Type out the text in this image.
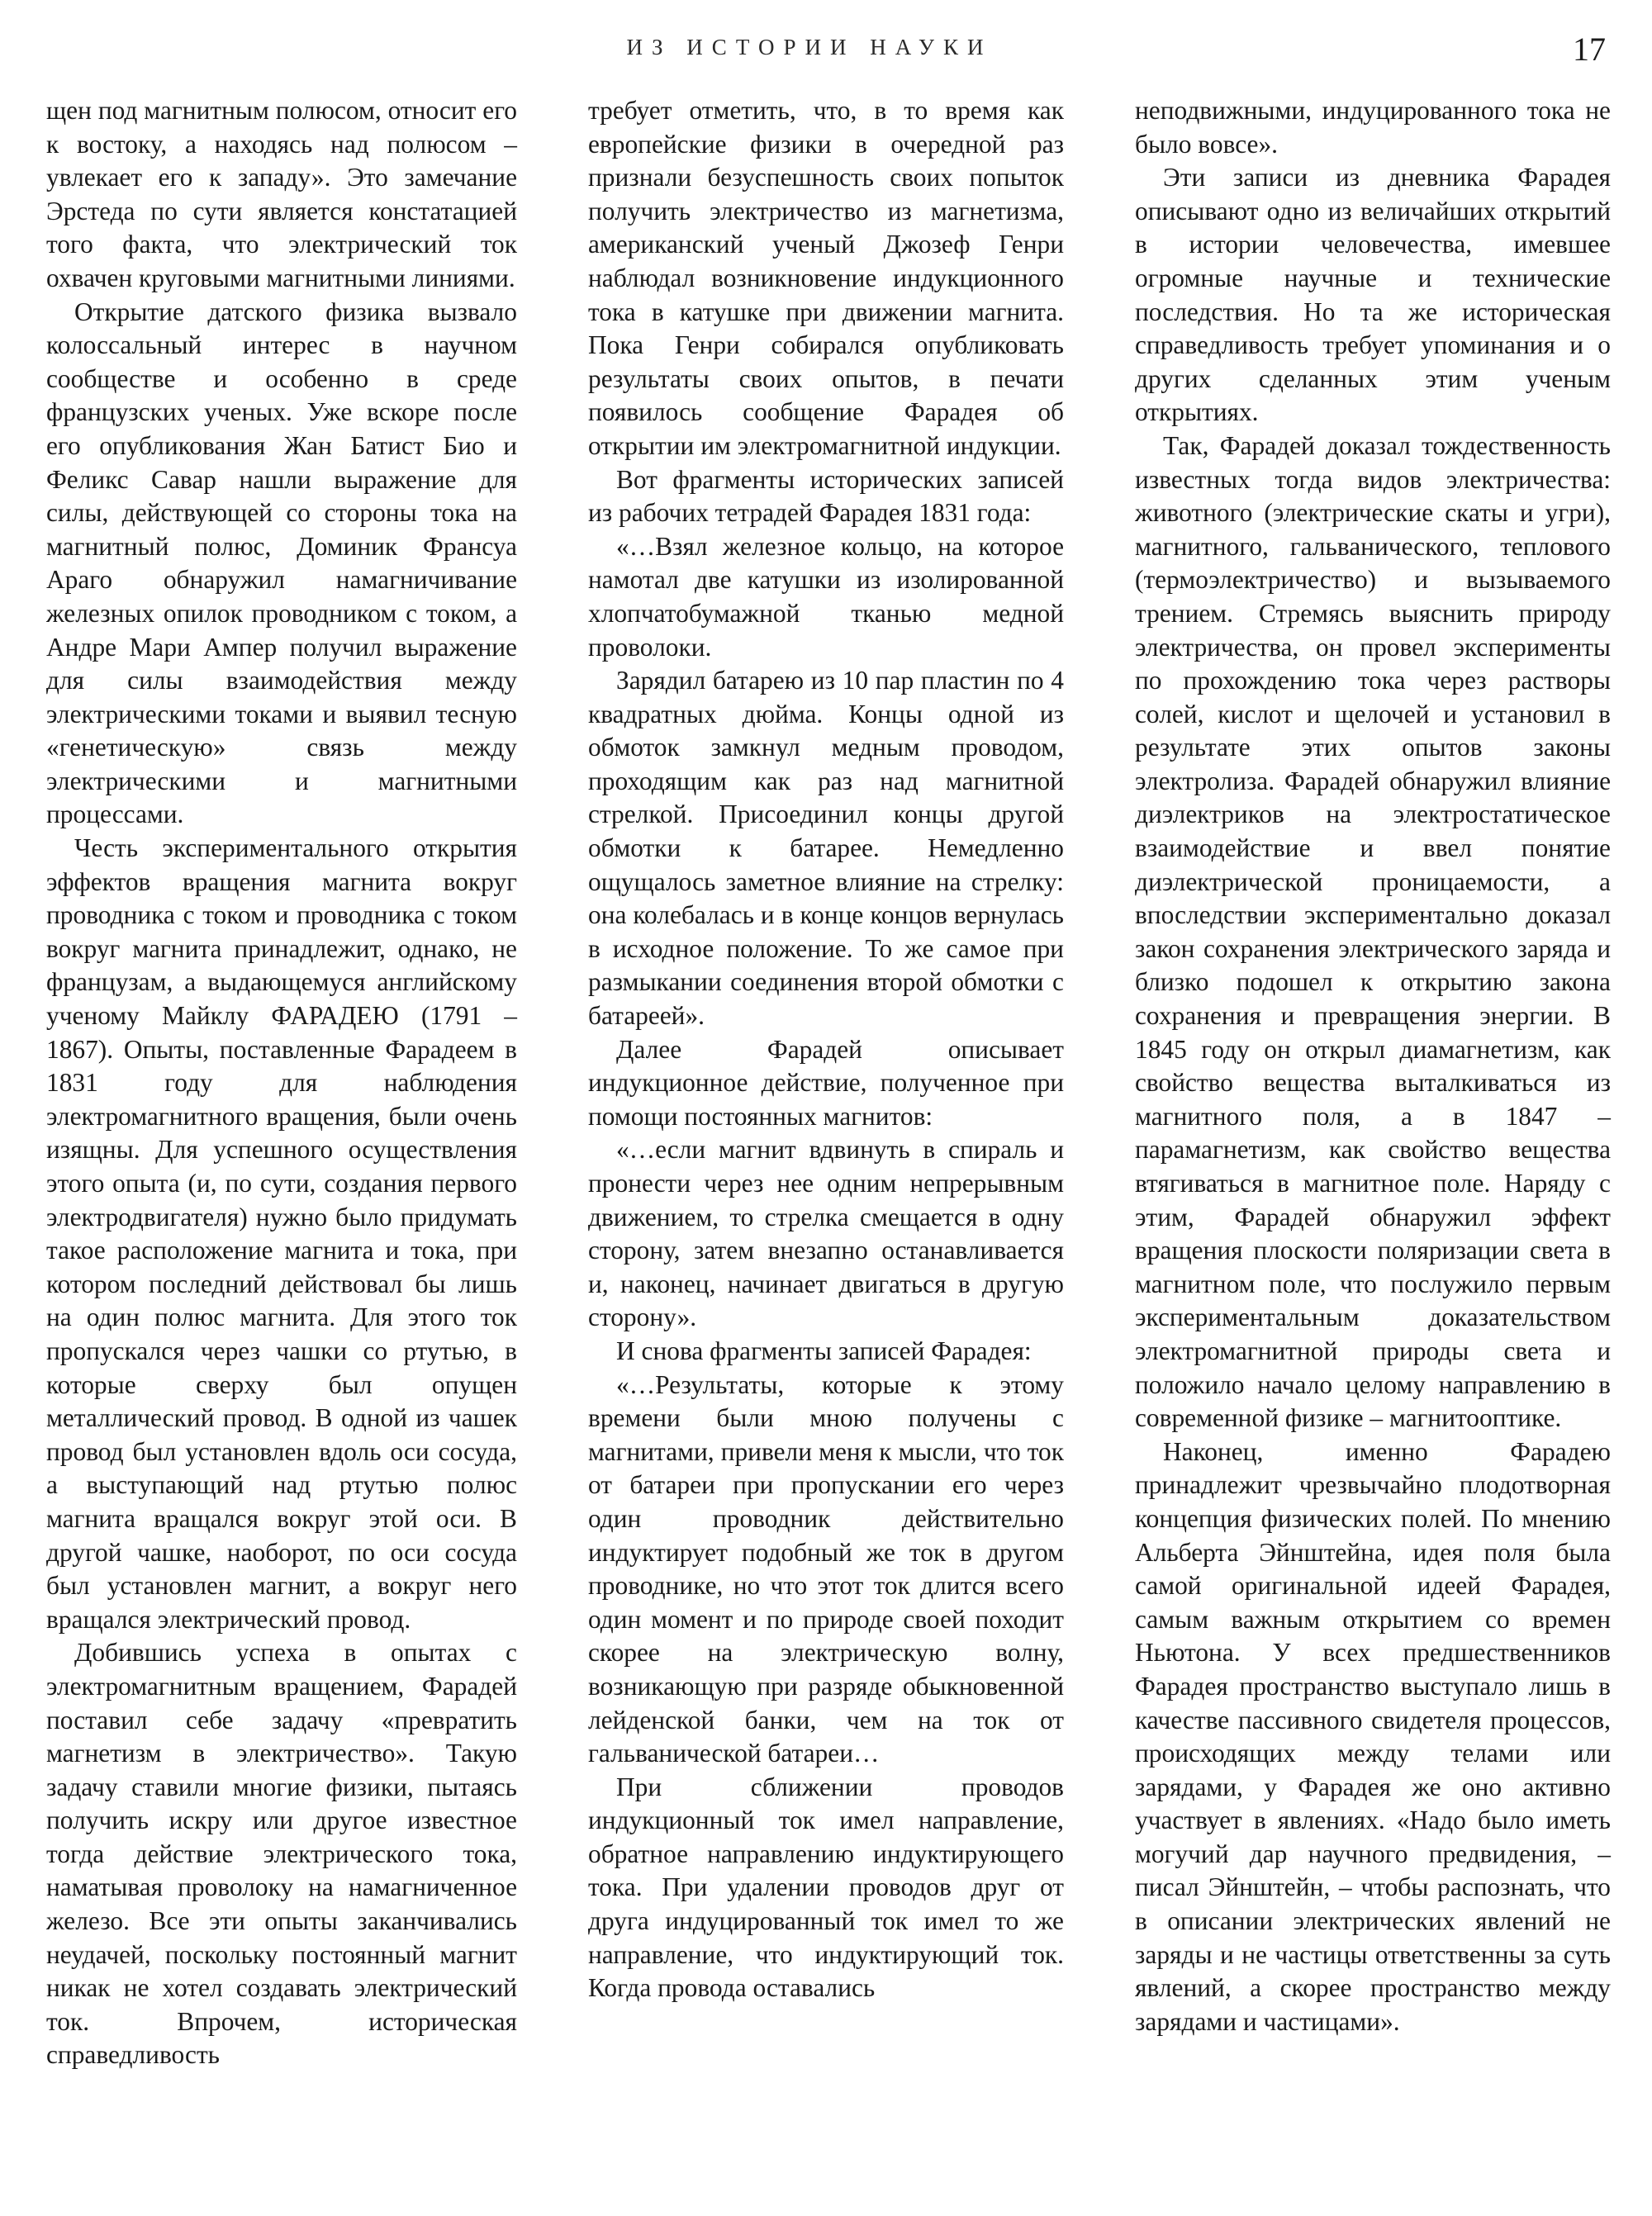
ИЗ ИСТОРИИ НАУКИ	17

щен под магнитным полюсом, относит его к востоку, а находясь над полюсом – увлекает его к западу». Это замечание Эрстеда по сути является констатацией того факта, что электрический ток охвачен круговыми магнитными линиями.

Открытие датского физика вызвало колоссальный интерес в научном сообществе и особенно в среде французских ученых. Уже вскоре после его опубликования Жан Батист Био и Феликс Савар нашли выражение для силы, действующей со стороны тока на магнитный полюс, Доминик Франсуа Араго обнаружил намагничивание железных опилок проводником с током, а Андре Мари Ампер получил выражение для силы взаимодействия между электрическими токами и выявил тесную «генетическую» связь между электрическими и магнитными процессами.

Честь экспериментального открытия эффектов вращения магнита вокруг проводника с током и проводника с током вокруг магнита принадлежит, однако, не французам, а выдающемуся английскому ученому Майклу ФАРАДЕЮ (1791 – 1867). Опыты, поставленные Фарадеем в 1831 году для наблюдения электромагнитного вращения, были очень изящны. Для успешного осуществления этого опыта (и, по сути, создания первого электродвигателя) нужно было придумать такое расположение магнита и тока, при котором последний действовал бы лишь на один полюс магнита. Для этого ток пропускался через чашки со ртутью, в которые сверху был опущен металлический провод. В одной из чашек провод был установлен вдоль оси сосуда, а выступающий над ртутью полюс магнита вращался вокруг этой оси. В другой чашке, наоборот, по оси сосуда был установлен магнит, а вокруг него вращался электрический провод.

Добившись успеха в опытах с электромагнитным вращением, Фарадей поставил себе задачу «превратить магнетизм в электричество». Такую задачу ставили многие физики, пытаясь получить искру или другое известное тогда действие электрического тока, наматывая проволоку на намагниченное железо. Все эти опыты заканчивались неудачей, поскольку постоянный магнит никак не хотел создавать электрический ток. Впрочем, историческая справедливость

требует отметить, что, в то время как европейские физики в очередной раз признали безуспешность своих попыток получить электричество из магнетизма, американский ученый Джозеф Генри наблюдал возникновение индукционного тока в катушке при движении магнита. Пока Генри собирался опубликовать результаты своих опытов, в печати появилось сообщение Фарадея об открытии им электромагнитной индукции.

Вот фрагменты исторических записей из рабочих тетрадей Фарадея 1831 года:

«…Взял железное кольцо, на которое намотал две катушки из изолированной хлопчатобумажной тканью медной проволоки.

Зарядил батарею из 10 пар пластин по 4 квадратных дюйма. Концы одной из обмоток замкнул медным проводом, проходящим как раз над магнитной стрелкой. Присоединил концы другой обмотки к батарее. Немедленно ощущалось заметное влияние на стрелку: она колебалась и в конце концов вернулась в исходное положение. То же самое при размыкании соединения второй обмотки с батареей».

Далее Фарадей описывает индукционное действие, полученное при помощи постоянных магнитов:

«…если магнит вдвинуть в спираль и пронести через нее одним непрерывным движением, то стрелка смещается в одну сторону, затем внезапно останавливается и, наконец, начинает двигаться в другую сторону».

И снова фрагменты записей Фарадея:

«…Результаты, которые к этому времени были мною получены с магнитами, привели меня к мысли, что ток от батареи при пропускании его через один проводник действительно индуктирует подобный же ток в другом проводнике, но что этот ток длится всего один момент и по природе своей походит скорее на электрическую волну, возникающую при разряде обыкновенной лейденской банки, чем на ток от гальванической батареи…

При сближении проводов индукционный ток имел направление, обратное направлению индуктирующего тока. При удалении проводов друг от друга индуцированный ток имел то же направление, что индуктирующий ток. Когда провода оставались

неподвижными, индуцированного тока не было вовсе».

Эти записи из дневника Фарадея описывают одно из величайших открытий в истории человечества, имевшее огромные научные и технические последствия. Но та же историческая справедливость требует упоминания и о других сделанных этим ученым открытиях.

Так, Фарадей доказал тождественность известных тогда видов электричества: животного (электрические скаты и угри), магнитного, гальванического, теплового (термоэлектричество) и вызываемого трением. Стремясь выяснить природу электричества, он провел эксперименты по прохождению тока через растворы солей, кислот и щелочей и установил в результате этих опытов законы электролиза. Фарадей обнаружил влияние диэлектриков на электростатическое взаимодействие и ввел понятие диэлектрической проницаемости, а впоследствии экспериментально доказал закон сохранения электрического заряда и близко подошел к открытию закона сохранения и превращения энергии. В 1845 году он открыл диамагнетизм, как свойство вещества выталкиваться из магнитного поля, а в 1847 – парамагнетизм, как свойство вещества втягиваться в магнитное поле. Наряду с этим, Фарадей обнаружил эффект вращения плоскости поляризации света в магнитном поле, что послужило первым экспериментальным доказательством электромагнитной природы света и положило начало целому направлению в современной физике – магнитооптике.

Наконец, именно Фарадею принадлежит чрезвычайно плодотворная концепция физических полей. По мнению Альберта Эйнштейна, идея поля была самой оригинальной идеей Фарадея, самым важным открытием со времен Ньютона. У всех предшественников Фарадея пространство выступало лишь в качестве пассивного свидетеля процессов, происходящих между телами или зарядами, у Фарадея же оно активно участвует в явлениях. «Надо было иметь могучий дар научного предвидения, – писал Эйнштейн, – чтобы распознать, что в описании электрических явлений не заряды и не частицы ответственны за суть явлений, а скорее пространство между зарядами и частицами».
